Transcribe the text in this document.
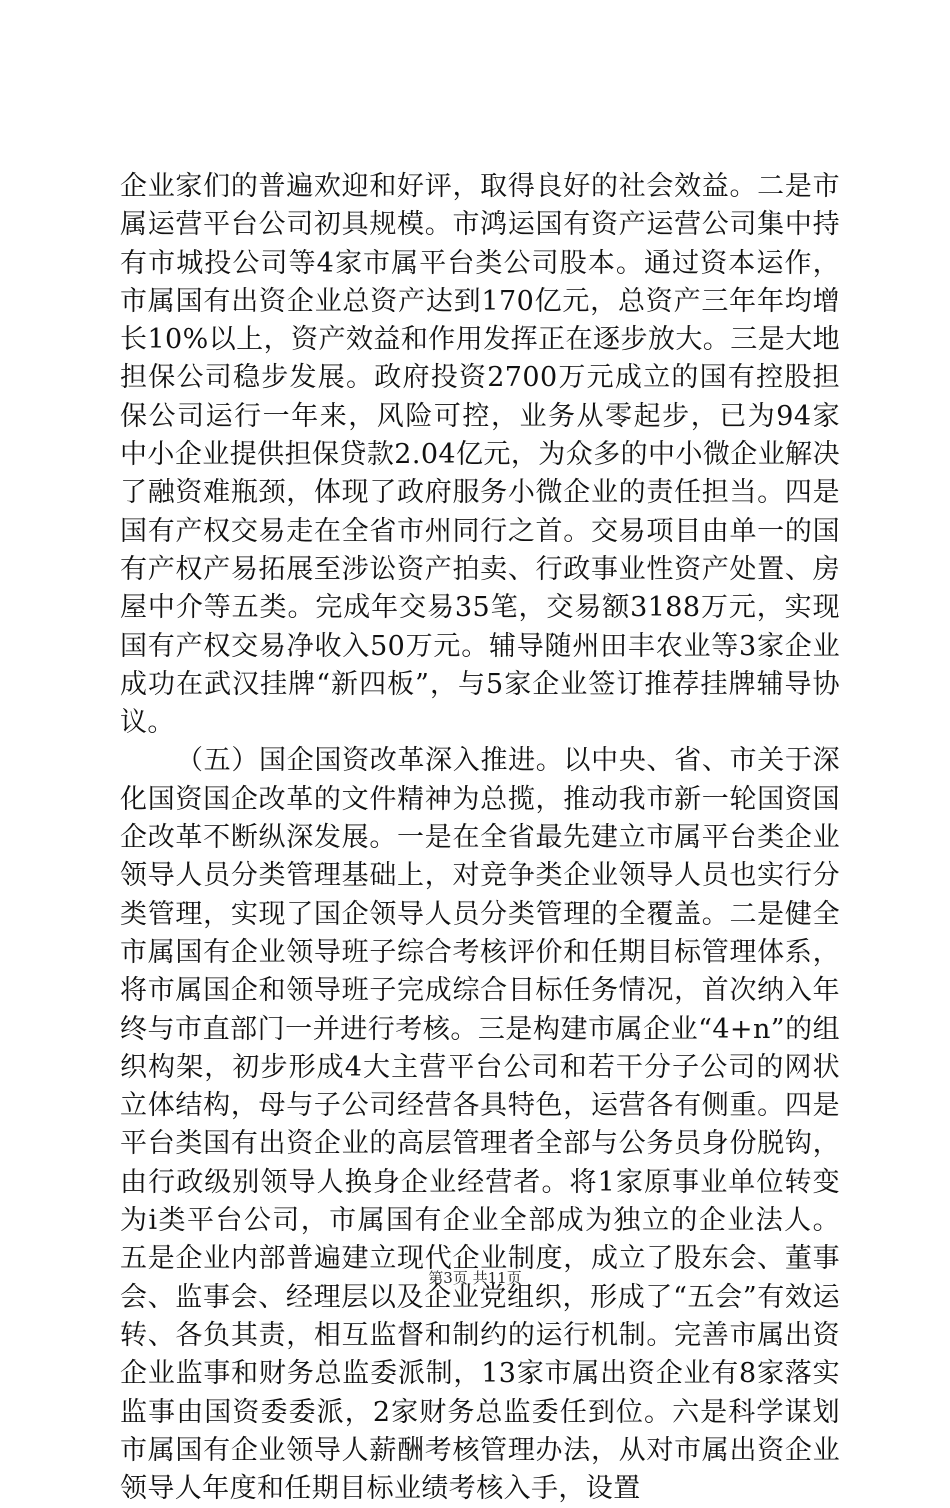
企业家们的普遍欢迎和好评，取得良好的社会效益。二是市属运营平台公司初具规模。市鸿运国有资产运营公司集中持有市城投公司等4家市属平台类公司股本。通过资本运作，市属国有出资企业总资产达到170亿元，总资产三年年均增长10%以上，资产效益和作用发挥正在逐步放大。三是大地担保公司稳步发展。政府投资2700万元成立的国有控股担保公司运行一年来，风险可控，业务从零起步，已为94家中小企业提供担保贷款2.04亿元，为众多的中小微企业解决了融资难瓶颈，体现了政府服务小微企业的责任担当。四是国有产权交易走在全省市州同行之首。交易项目由单一的国有产权产易拓展至涉讼资产拍卖、行政事业性资产处置、房屋中介等五类。完成年交易35笔，交易额3188万元，实现国有产权交易净收入50万元。辅导随州田丰农业等3家企业成功在武汉挂牌“新四板”，与5家企业签订推荐挂牌辅导协议。

（五）国企国资改革深入推进。以中央、省、市关于深化国资国企改革的文件精神为总揽，推动我市新一轮国资国企改革不断纵深发展。一是在全省最先建立市属平台类企业领导人员分类管理基础上，对竞争类企业领导人员也实行分类管理，实现了国企领导人员分类管理的全覆盖。二是健全市属国有企业领导班子综合考核评价和任期目标管理体系，将市属国企和领导班子完成综合目标任务情况，首次纳入年终与市直部门一并进行考核。三是构建市属企业“4+n”的组织构架，初步形成4大主营平台公司和若干分子公司的网状立体结构，母与子公司经营各具特色，运营各有侧重。四是平台类国有出资企业的高层管理者全部与公务员身份脱钩，由行政级别领导人换身企业经营者。将1家原事业单位转变为i类平台公司，市属国有企业全部成为独立的企业法人。五是企业内部普遍建立现代企业制度，成立了股东会、董事会、监事会、经理层以及企业党组织，形成了“五会”有效运转、各负其责，相互监督和制约的运行机制。完善市属出资企业监事和财务总监委派制，13家市属出资企业有8家落实监事由国资委委派，2家财务总监委任到位。六是科学谋划市属国有企业领导人薪酬考核管理办法，从对市属出资企业领导人年度和任期目标业绩考核入手，设置

第3页 共11页
